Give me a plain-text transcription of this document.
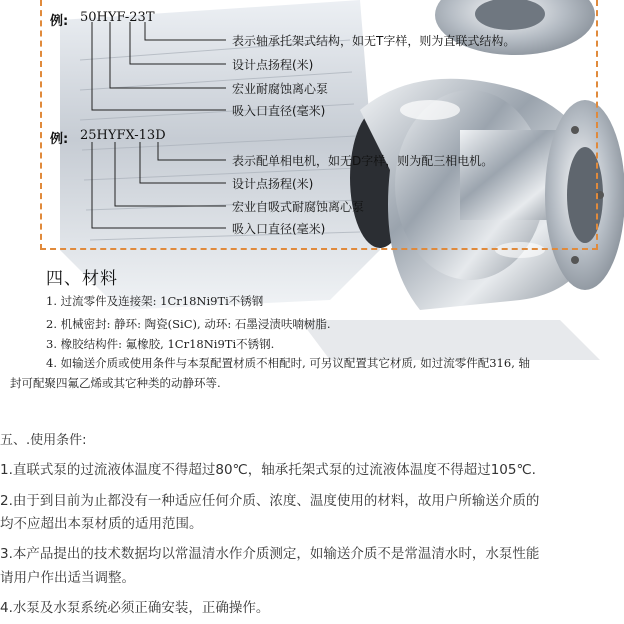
例: 50HYF-23T
表示轴承托架式结构，如无T字样，则为直联式结构。
设计点扬程(米)
宏业耐腐蚀离心泵
吸入口直径(毫米)
例: 25HYFX-13D
表示配单相电机，如无D字样，则为配三相电机。
设计点扬程(米)
宏业自吸式耐腐蚀离心泵
吸入口直径(毫米)
四、材料
1. 过流零件及连接架: 1Cr18Ni9Ti不锈钢
2. 机械密封: 静环: 陶瓷(SiC), 动环: 石墨浸渍呋喃树脂.
3. 橡胶结构件: 氟橡胶, 1Cr18Ni9Ti不锈钢.
4. 如输送介质或使用条件与本泵配置材质不相配时, 可另议配置其它材质, 如过流零件配316, 轴
封可配聚四氟乙烯或其它种类的动静环等.
五、.使用条件:
1.直联式泵的过流液体温度不得超过80℃，轴承托架式泵的过流液体温度不得超过105℃.
2.由于到目前为止都没有一种适应任何介质、浓度、温度使用的材料，故用户所输送介质的
均不应超出本泵材质的适用范围。
3.本产品提出的技术数据均以常温清水作介质测定，如输送介质不是常温清水时，水泵性能
请用户作出适当调整。
4.水泵及水泵系统必须正确安装，正确操作。
